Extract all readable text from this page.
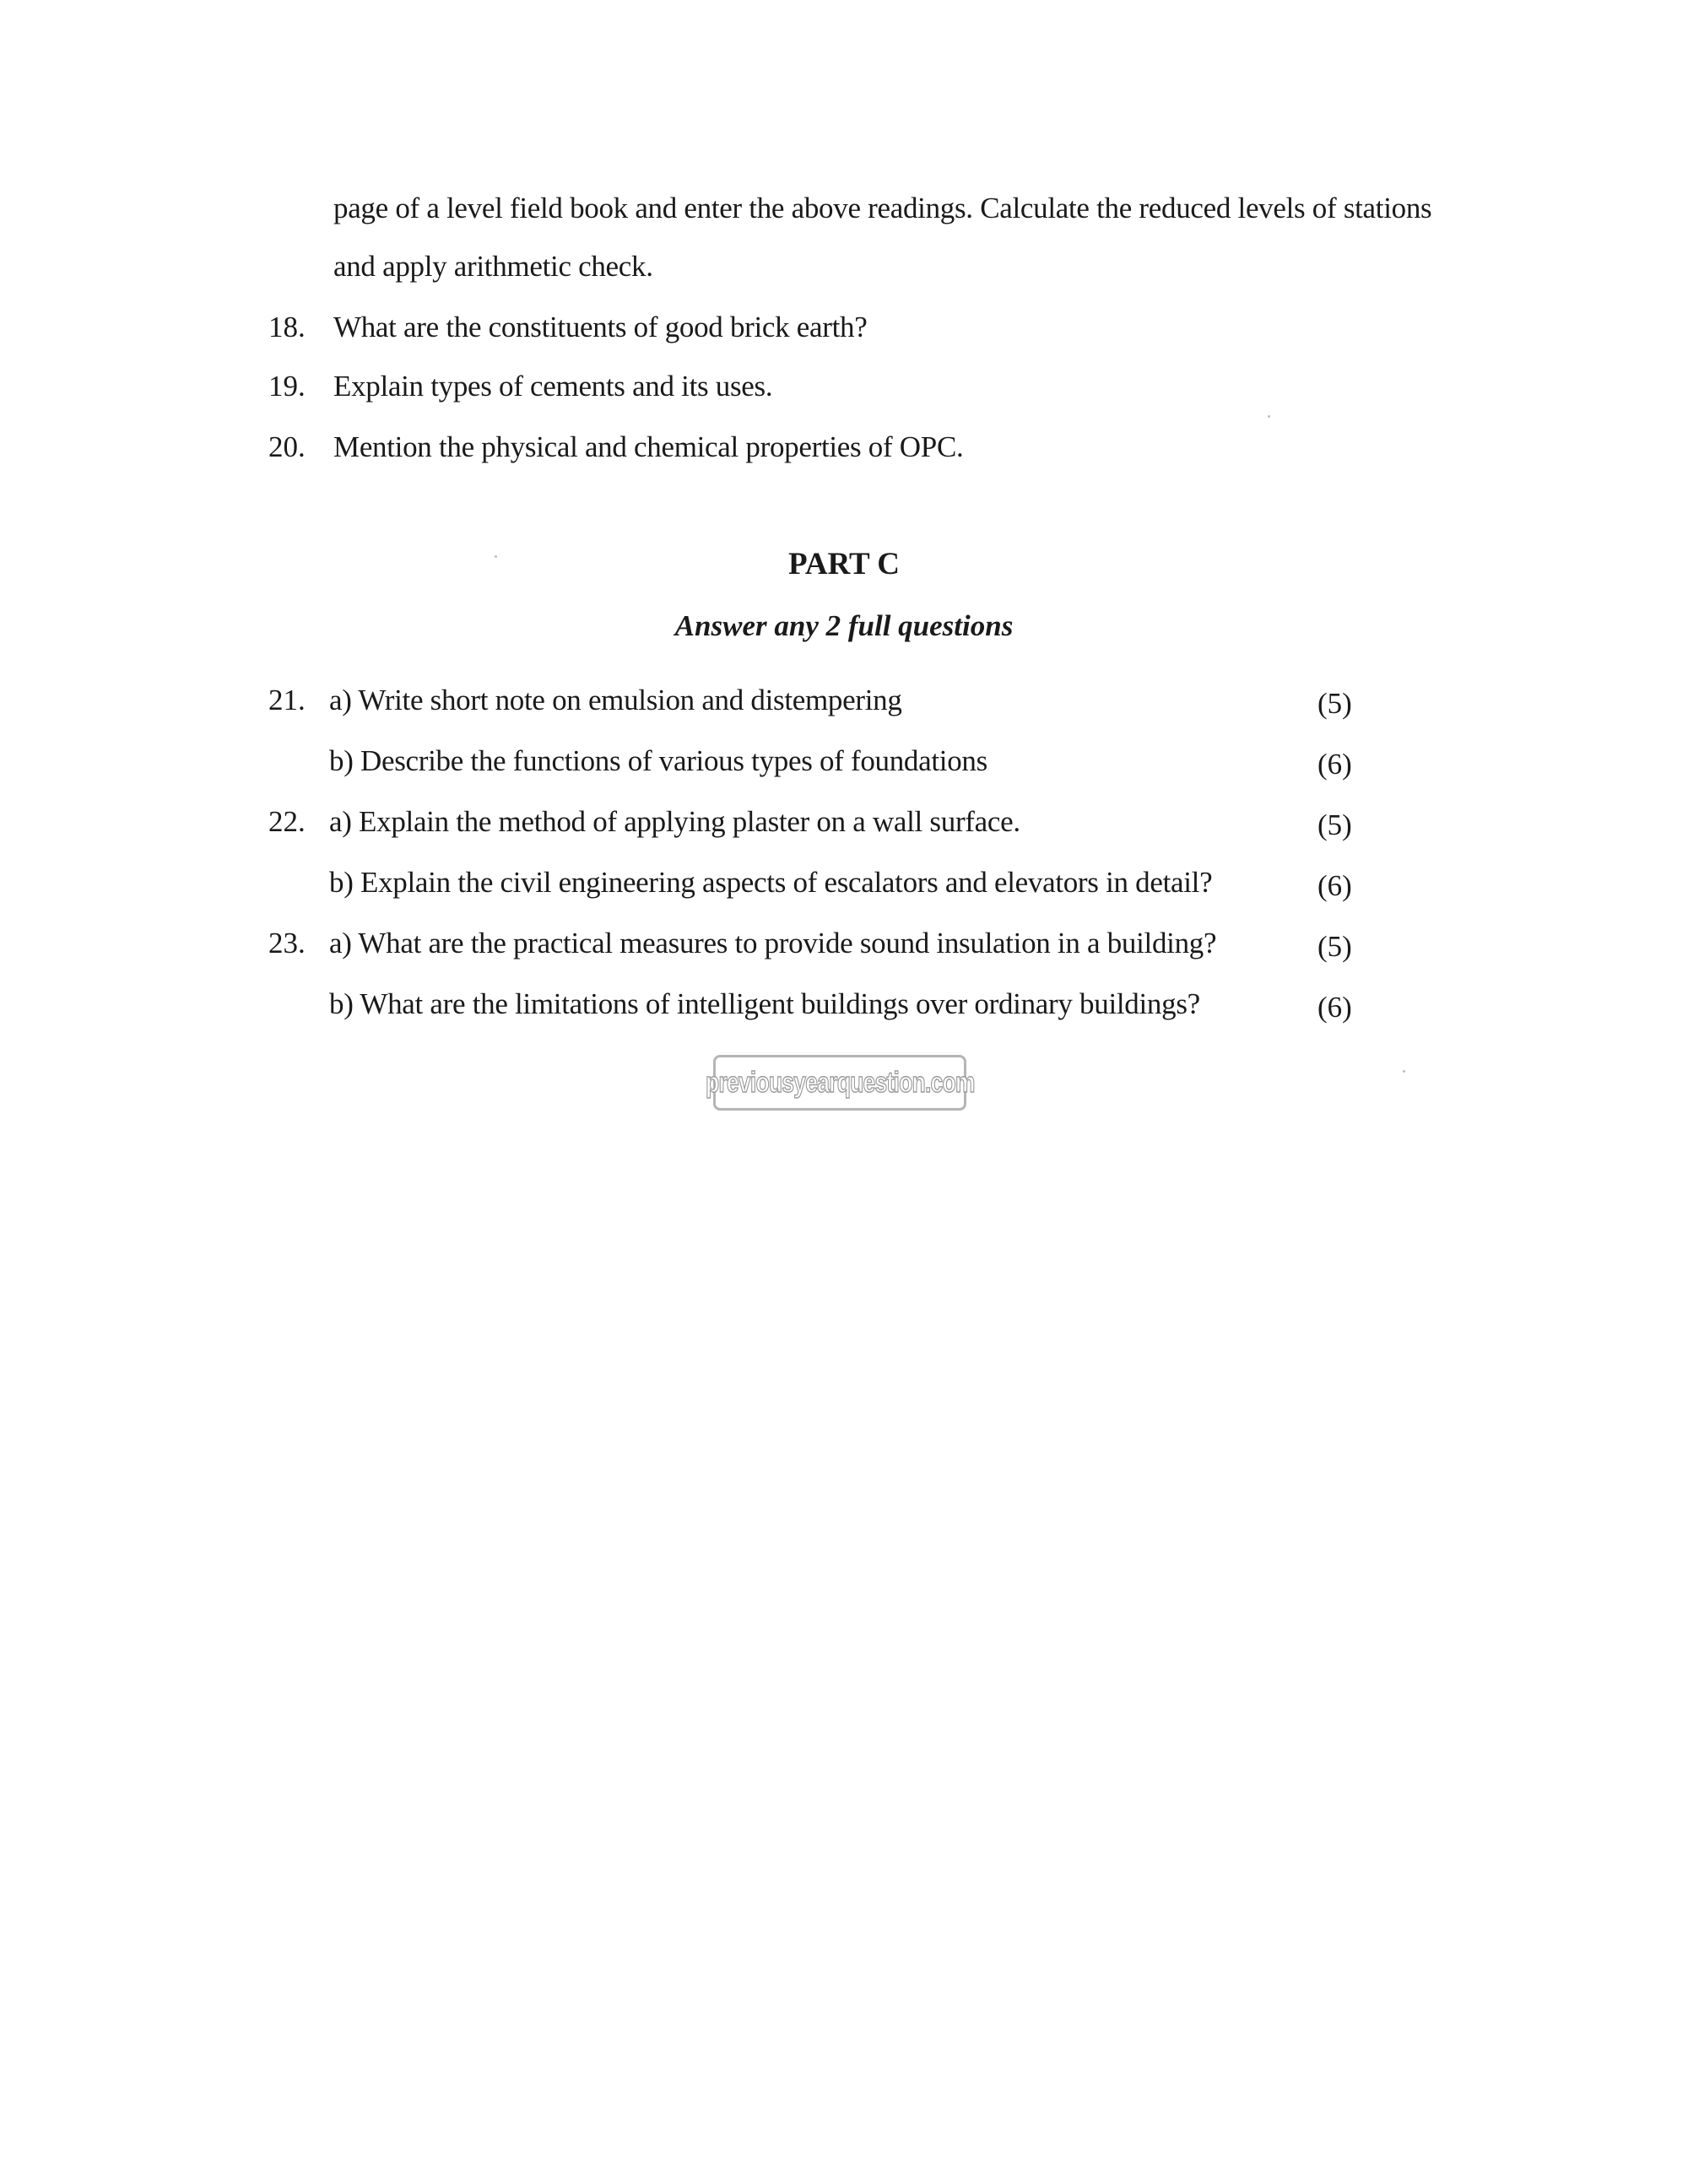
page of a level field book and enter the above readings. Calculate the reduced levels of stations
and apply arithmetic check.
18. What are the constituents of good brick earth?
19. Explain types of cements and its uses.
20. Mention the physical and chemical properties of OPC.
PART C
Answer any 2 full questions
21. a) Write short note on emulsion and distempering	(5)
b) Describe the functions of various types of foundations	(6)
22. a) Explain the method of applying plaster on a wall surface.	(5)
b) Explain the civil engineering aspects of escalators and elevators in detail?	(6)
23. a) What are the practical measures to provide sound insulation in a building?	(5)
b) What are the limitations of intelligent buildings over ordinary buildings?	(6)
previousyearquestion.com
